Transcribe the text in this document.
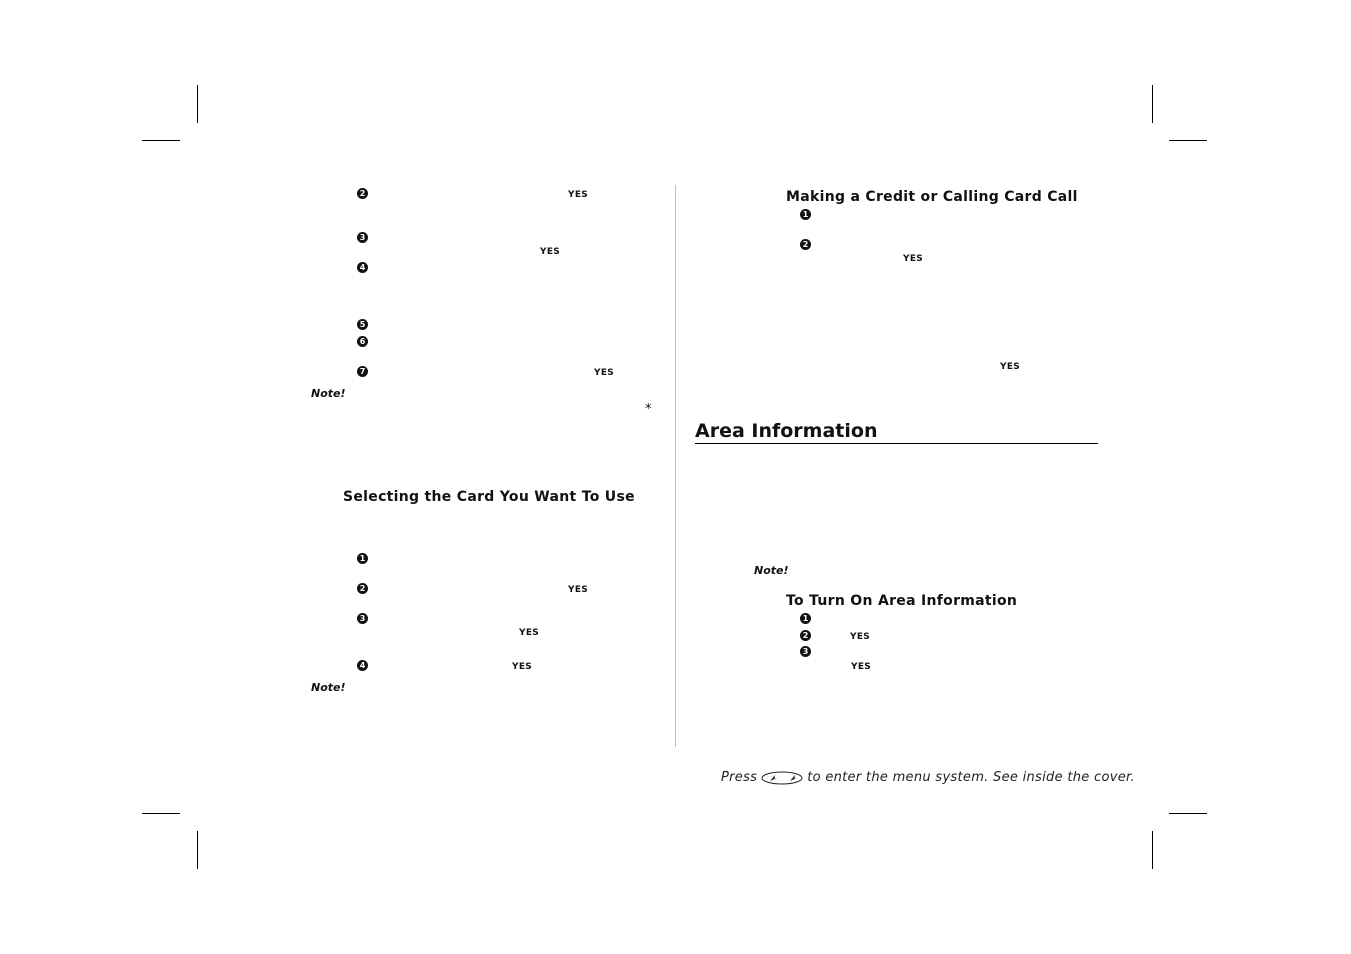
2	YES
3
YES
4
5
6
7	YES
Note!
*
Selecting the Card You Want To Use
1
2	YES
3
YES
4	YES
Note!
Making a Credit or Calling Card Call
1
2
YES
YES
Area Information
Note!
To Turn On Area Information
1
2	YES
3
YES
Press	to enter the menu system. See inside the cover.
